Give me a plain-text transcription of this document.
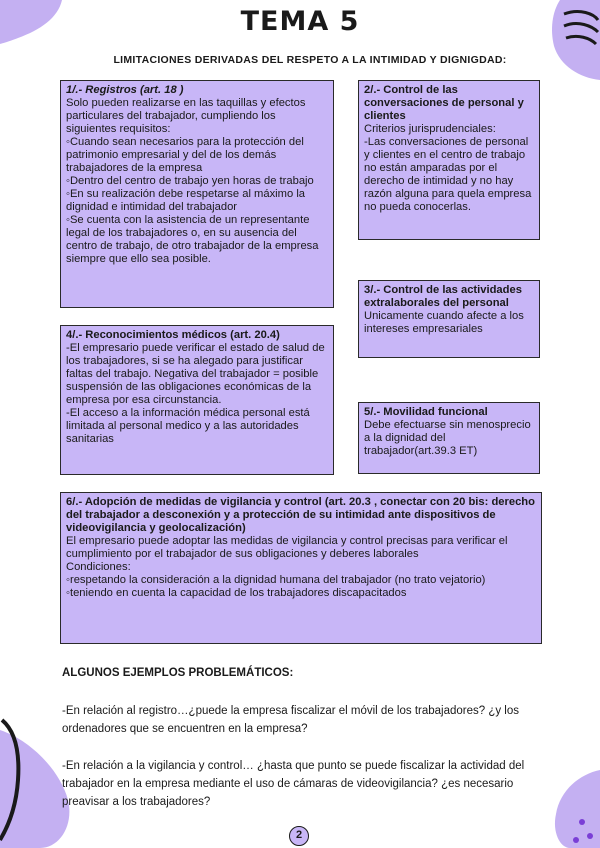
TEMA 5
LIMITACIONES DERIVADAS DEL RESPETO A LA INTIMIDAD Y DIGNIGDAD:
1/.- Registros (art. 18 )

Solo pueden realizarse en las taquillas y efectos particulares del trabajador, cumpliendo los siguientes requisitos:

◦Cuando sean necesarios para la protección del patrimonio empresarial y del de los demás trabajadores de la empresa

◦Dentro del centro de trabajo yen horas de trabajo

◦En su realización debe respetarse al máximo la dignidad e intimidad del trabajador

◦Se cuenta con la asistencia de un representante legal de los trabajadores o, en su ausencia del centro de trabajo, de otro trabajador de la empresa siempre que ello sea posible.

2/.- Control de las conversaciones de personal y clientes

Criterios jurisprudenciales:

-Las conversaciones de personal y clientes en el centro de trabajo no están amparadas por el derecho de intimidad y no hay razón alguna para quela empresa no pueda conocerlas.

3/.- Control de las actividades extralaborales del personal

Unicamente cuando afecte a los intereses empresariales

4/.- Reconocimientos médicos (art. 20.4)

-El empresario puede verificar el estado de salud de los trabajadores, si se ha alegado para justificar faltas del trabajo. Negativa del trabajador = posible suspensión de las obligaciones económicas de la empresa por esa circunstancia.

-El acceso a la información médica personal está limitada al personal medico y a las autoridades sanitarias

5/.- Movilidad funcional

Debe efectuarse sin menosprecio a la dignidad del trabajador(art.39.3 ET)

6/.- Adopción de medidas de vigilancia y control (art. 20.3 , conectar con 20 bis: derecho del trabajador a desconexión y a protección de su intimidad ante dispositivos de videovigilancia y geolocalización)

El empresario puede adoptar las medidas de vigilancia y control precisas para verificar el cumplimiento por el trabajador de sus obligaciones y deberes laborales

Condiciones:

◦respetando la consideración a la dignidad humana del trabajador (no trato vejatorio)

◦teniendo en cuenta la capacidad de los trabajadores discapacitados

ALGUNOS EJEMPLOS PROBLEMÁTICOS:
-En relación al registro…¿puede la empresa fiscalizar el móvil de los trabajadores? ¿y los ordenadores que se encuentren en la empresa?
-En relación a la vigilancia y control… ¿hasta que punto se puede fiscalizar la actividad del trabajador en la empresa mediante el uso de cámaras de videovigilancia? ¿es necesario preavisar a los trabajadores?
2
